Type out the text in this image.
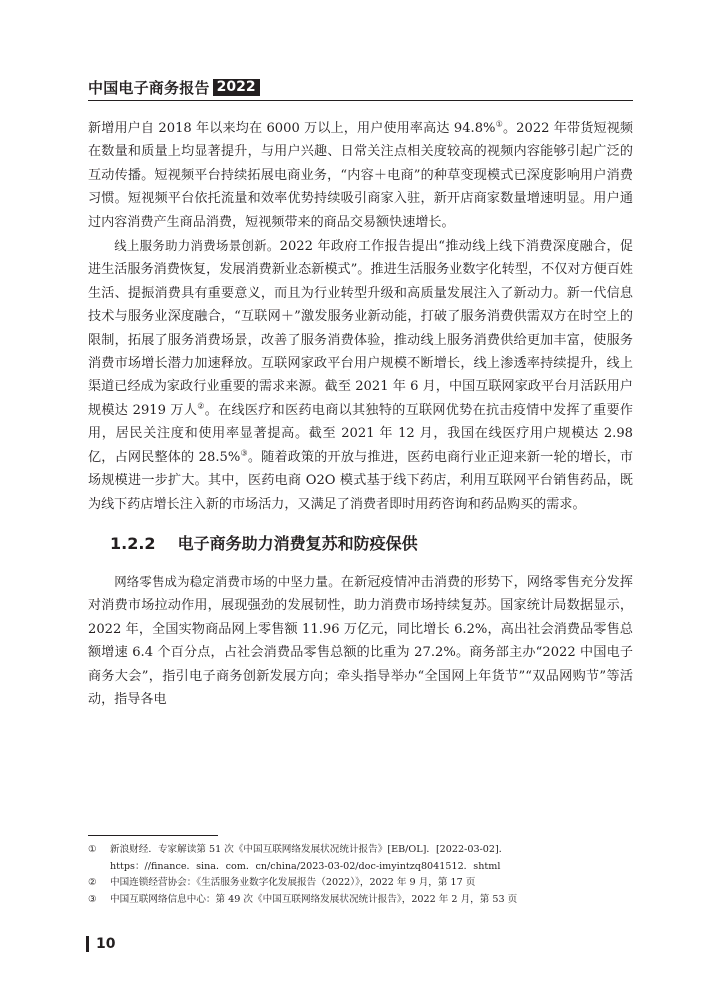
中国电子商务报告 2022

新增用户自 2018 年以来均在 6000 万以上，用户使用率高达 94.8%①。2022 年带货短视频在数量和质量上均显著提升，与用户兴趣、日常关注点相关度较高的视频内容能够引起广泛的互动传播。短视频平台持续拓展电商业务，“内容＋电商”的种草变现模式已深度影响用户消费习惯。短视频平台依托流量和效率优势持续吸引商家入驻，新开店商家数量增速明显。用户通过内容消费产生商品消费，短视频带来的商品交易额快速增长。

线上服务助力消费场景创新。2022 年政府工作报告提出“推动线上线下消费深度融合，促进生活服务消费恢复，发展消费新业态新模式”。推进生活服务业数字化转型，不仅对方便百姓生活、提振消费具有重要意义，而且为行业转型升级和高质量发展注入了新动力。新一代信息技术与服务业深度融合，“互联网＋”激发服务业新动能，打破了服务消费供需双方在时空上的限制，拓展了服务消费场景，改善了服务消费体验，推动线上服务消费供给更加丰富，使服务消费市场增长潜力加速释放。互联网家政平台用户规模不断增长，线上渗透率持续提升，线上渠道已经成为家政行业重要的需求来源。截至 2021 年 6 月，中国互联网家政平台月活跃用户规模达 2919 万人②。在线医疗和医药电商以其独特的互联网优势在抗击疫情中发挥了重要作用，居民关注度和使用率显著提高。截至 2021 年 12 月，我国在线医疗用户规模达 2.98 亿，占网民整体的 28.5%③。随着政策的开放与推进，医药电商行业正迎来新一轮的增长，市场规模进一步扩大。其中，医药电商 O2O 模式基于线下药店，利用互联网平台销售药品，既为线下药店增长注入新的市场活力，又满足了消费者即时用药咨询和药品购买的需求。

1.2.2 电子商务助力消费复苏和防疫保供

网络零售成为稳定消费市场的中坚力量。在新冠疫情冲击消费的形势下，网络零售充分发挥对消费市场拉动作用，展现强劲的发展韧性，助力消费市场持续复苏。国家统计局数据显示，2022 年，全国实物商品网上零售额 11.96 万亿元，同比增长 6.2%，高出社会消费品零售总额增速 6.4 个百分点，占社会消费品零售总额的比重为 27.2%。商务部主办“2022 中国电子商务大会”，指引电子商务创新发展方向；牵头指导举办“全国网上年货节”“双品网购节”等活动，指导各电

①	新浪财经．专家解读第 51 次《中国互联网络发展状况统计报告》[EB/OL]．[2022-03-02]．
https：//finance．sina．com．cn/china/2023-03-02/doc-imyintzq8041512．shtml
②	中国连锁经营协会：《生活服务业数字化发展报告（2022）》，2022 年 9 月，第 17 页
③	中国互联网络信息中心：第 49 次《中国互联网络发展状况统计报告》，2022 年 2 月，第 53 页
10
